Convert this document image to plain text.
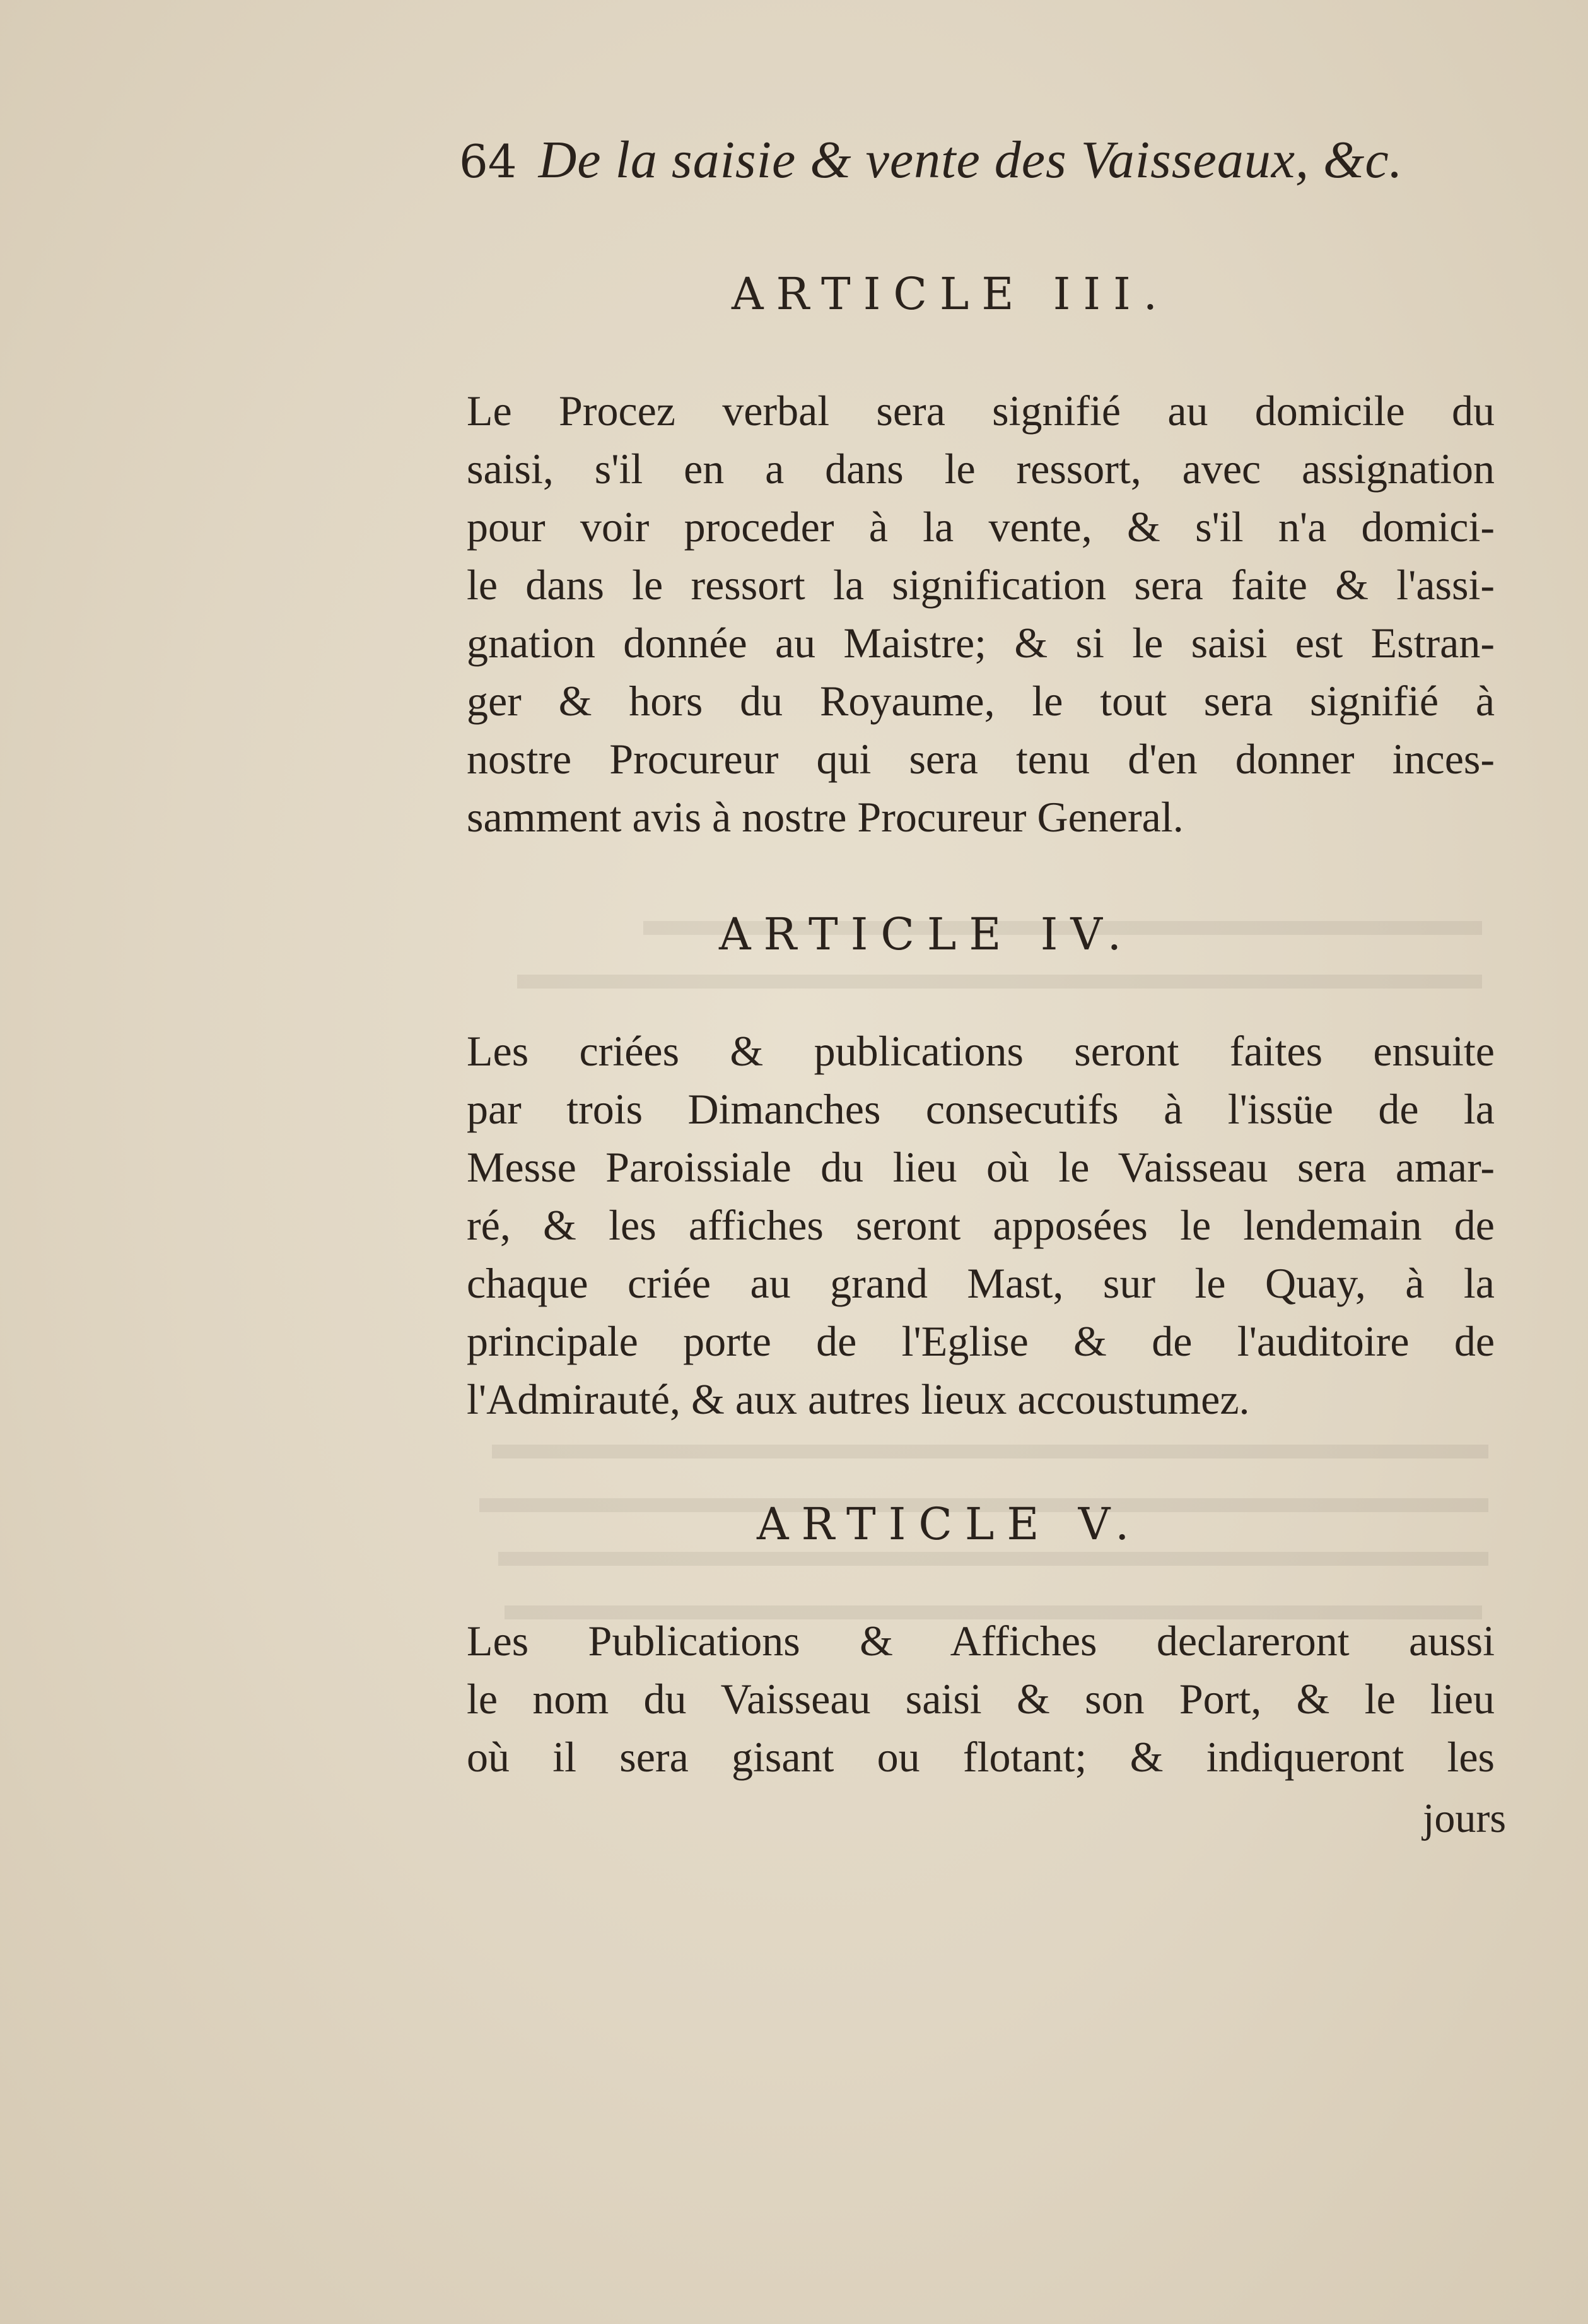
64 De la saisie & vente des Vaisseaux, &c.
ARTICLE III.
Le Procez verbal sera signifié au domicile du
saisi, s'il en a dans le ressort, avec assignation
pour voir proceder à la vente, & s'il n'a domici-
le dans le ressort la signification sera faite & l'assi-
gnation donnée au Maistre; & si le saisi est Estran-
ger & hors du Royaume, le tout sera signifié à
nostre Procureur qui sera tenu d'en donner inces-
samment avis à nostre Procureur General.
ARTICLE IV.
Les criées & publications seront faites ensuite
par trois Dimanches consecutifs à l'issüe de la
Messe Paroissiale du lieu où le Vaisseau sera amar-
ré, & les affiches seront apposées le lendemain de
chaque criée au grand Mast, sur le Quay, à la
principale porte de l'Eglise & de l'auditoire de
l'Admirauté, & aux autres lieux accoustumez.
ARTICLE V.
Les Publications & Affiches declareront aussi
le nom du Vaisseau saisi & son Port, & le lieu
où il sera gisant ou flotant; & indiqueront les
jours
